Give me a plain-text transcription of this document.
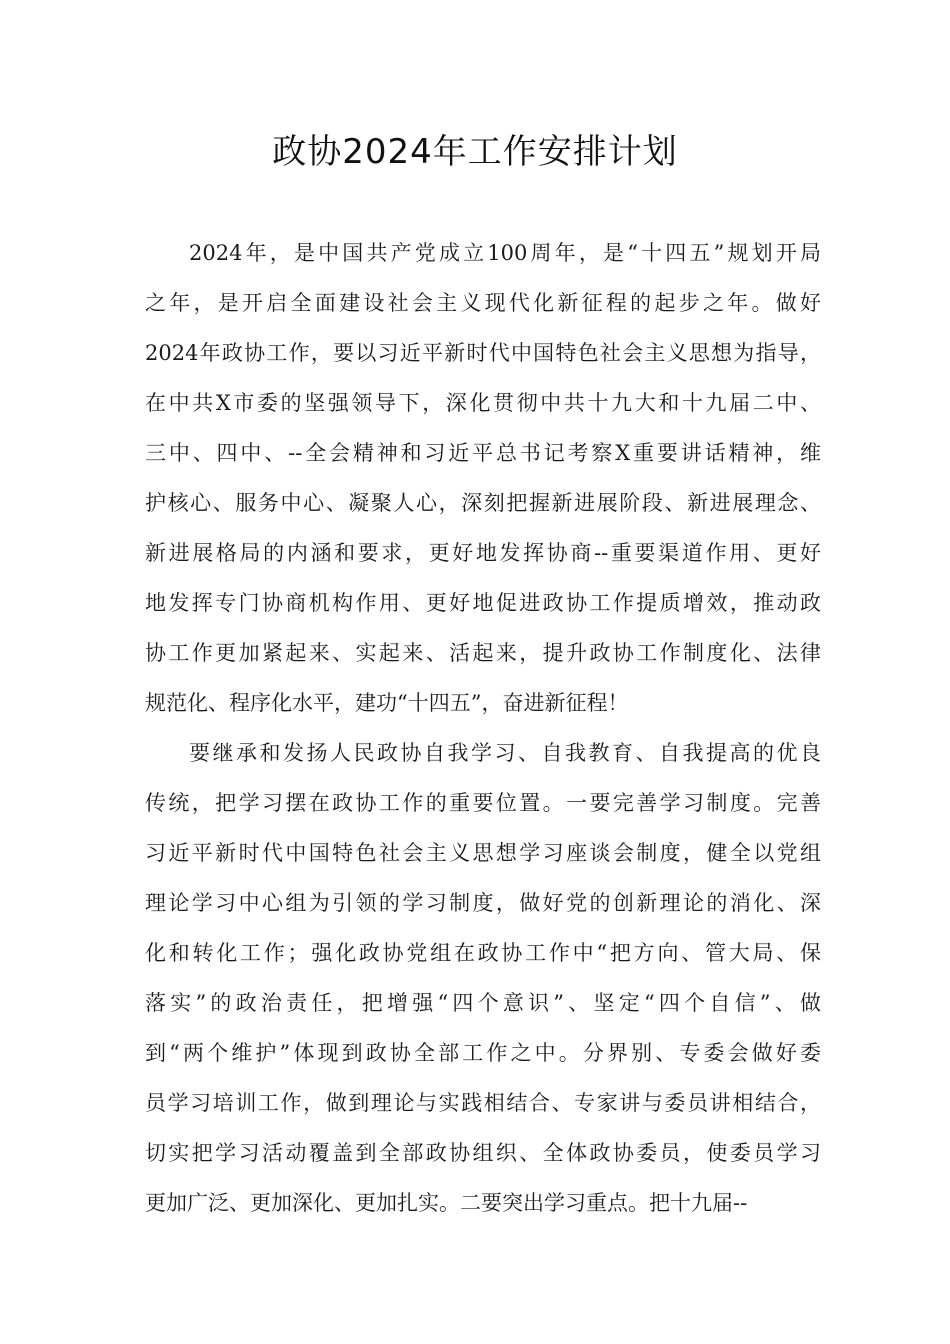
政协2024年工作安排计划
2024年，是中国共产党成立100周年，是“十四五”规划开局
之年，是开启全面建设社会主义现代化新征程的起步之年。做好
2024年政协工作，要以习近平新时代中国特色社会主义思想为指导，
在中共X市委的坚强领导下，深化贯彻中共十九大和十九届二中、
三中、四中、--全会精神和习近平总书记考察X重要讲话精神，维
护核心、服务中心、凝聚人心，深刻把握新进展阶段、新进展理念、
新进展格局的内涵和要求，更好地发挥协商--重要渠道作用、更好
地发挥专门协商机构作用、更好地促进政协工作提质增效，推动政
协工作更加紧起来、实起来、活起来，提升政协工作制度化、法律
规范化、程序化水平，建功“十四五”，奋进新征程！
要继承和发扬人民政协自我学习、自我教育、自我提高的优良
传统，把学习摆在政协工作的重要位置。一要完善学习制度。完善
习近平新时代中国特色社会主义思想学习座谈会制度，健全以党组
理论学习中心组为引领的学习制度，做好党的创新理论的消化、深
化和转化工作；强化政协党组在政协工作中“把方向、管大局、保
落实”的政治责任，把增强“四个意识”、坚定“四个自信”、做
到“两个维护”体现到政协全部工作之中。分界别、专委会做好委
员学习培训工作，做到理论与实践相结合、专家讲与委员讲相结合，
切实把学习活动覆盖到全部政协组织、全体政协委员，使委员学习
更加广泛、更加深化、更加扎实。二要突出学习重点。把十九届--
